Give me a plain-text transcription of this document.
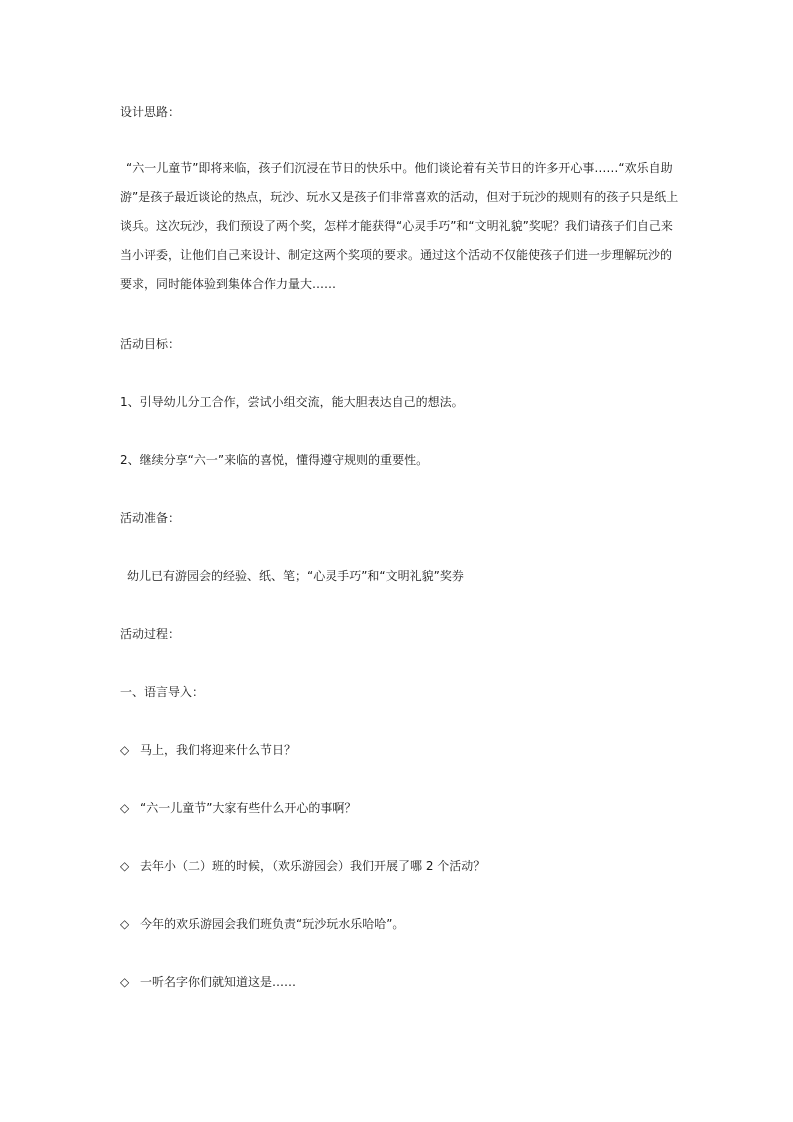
设计思路：
“六一儿童节”即将来临，孩子们沉浸在节日的快乐中。他们谈论着有关节日的许多开心事……“欢乐自助游”是孩子最近谈论的热点，玩沙、玩水又是孩子们非常喜欢的活动，但对于玩沙的规则有的孩子只是纸上谈兵。这次玩沙，我们预设了两个奖，怎样才能获得“心灵手巧”和“文明礼貌”奖呢？我们请孩子们自己来当小评委，让他们自己来设计、制定这两个奖项的要求。通过这个活动不仅能使孩子们进一步理解玩沙的要求，同时能体验到集体合作力量大……
活动目标：
1、引导幼儿分工合作，尝试小组交流，能大胆表达自己的想法。
2、继续分享“六一”来临的喜悦，懂得遵守规则的重要性。
活动准备：
幼儿已有游园会的经验、纸、笔；“心灵手巧”和“文明礼貌”奖券
活动过程：
一、语言导入：
◇ 马上，我们将迎来什么节日？
◇ “六一儿童节”大家有些什么开心的事啊？
◇ 去年小（二）班的时候，（欢乐游园会）我们开展了哪 2 个活动？
◇ 今年的欢乐游园会我们班负责“玩沙玩水乐哈哈”。
◇ 一听名字你们就知道这是……
